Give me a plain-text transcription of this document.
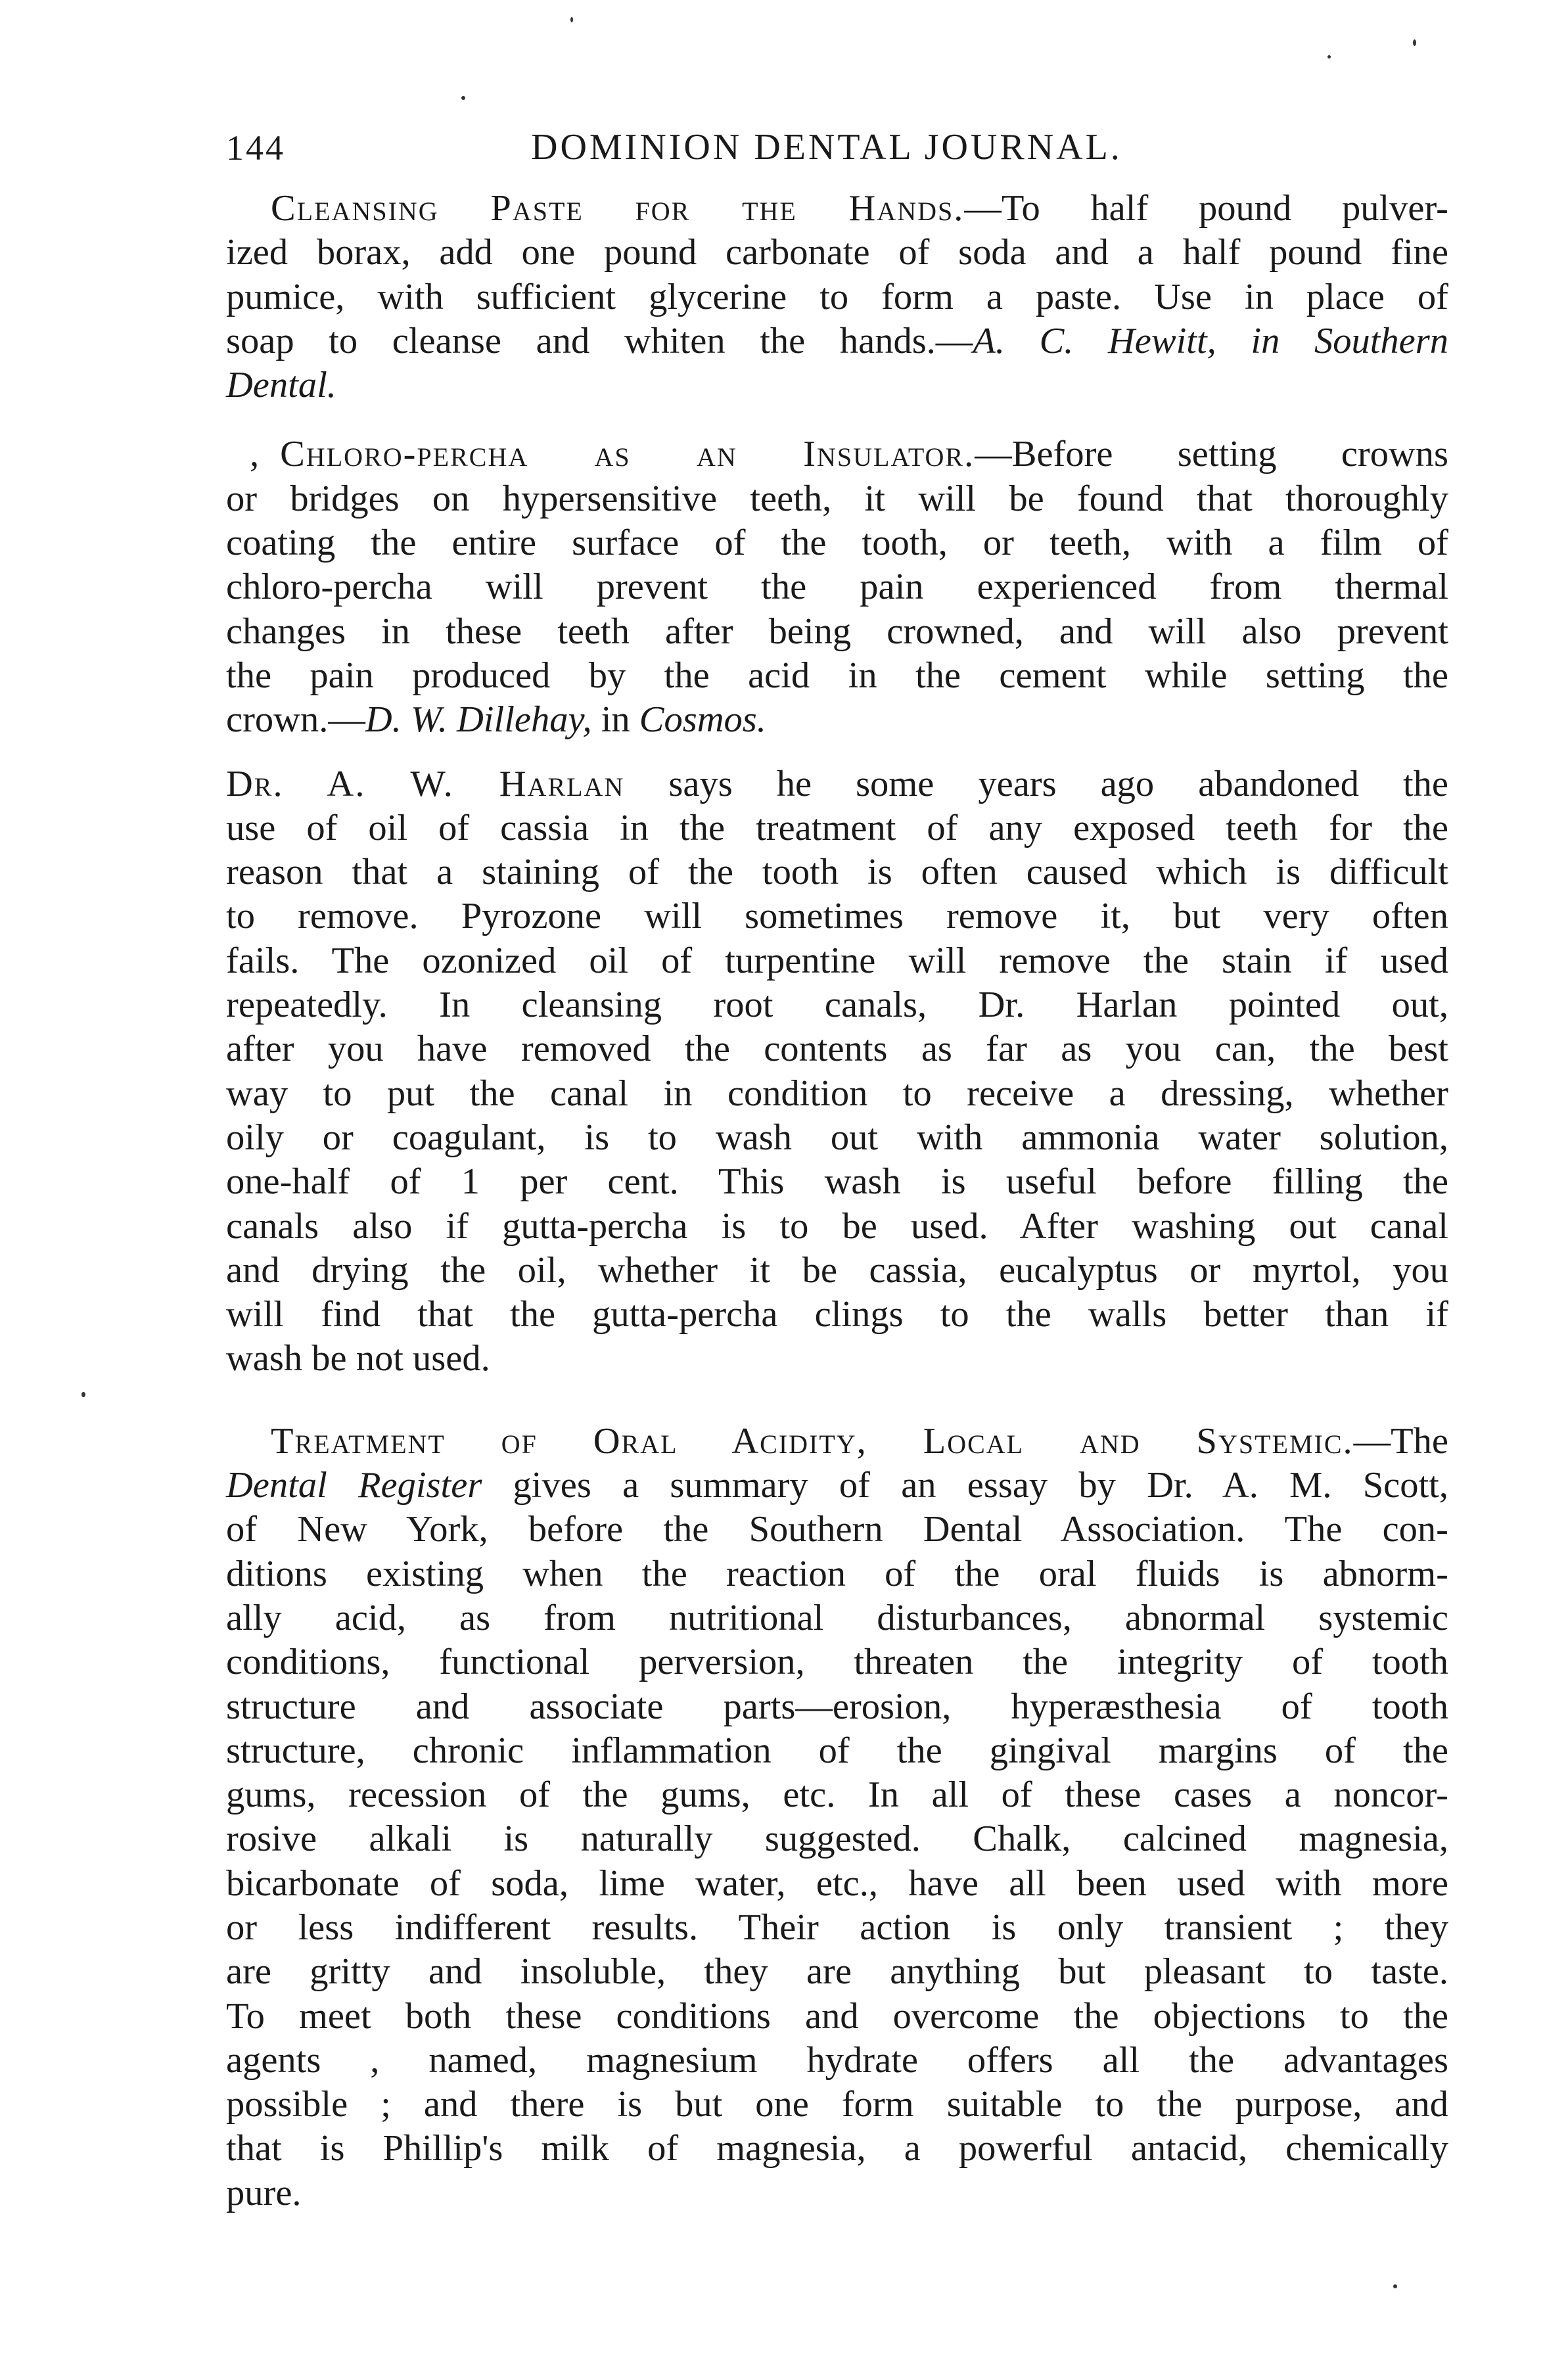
144	DOMINION DENTAL JOURNAL.
Cleansing Paste for the Hands.—To half pound pulver-
ized borax, add one pound carbonate of soda and a half pound fine
pumice, with sufficient glycerine to form a paste. Use in place of
soap to cleanse and whiten the hands.—A. C. Hewitt, in Southern
Dental.
, Chloro-percha as an Insulator.—Before setting crowns
or bridges on hypersensitive teeth, it will be found that thoroughly
coating the entire surface of the tooth, or teeth, with a film of
chloro-percha will prevent the pain experienced from thermal
changes in these teeth after being crowned, and will also prevent
the pain produced by the acid in the cement while setting the
crown.—D. W. Dillehay, in Cosmos.
Dr. A. W. Harlan says he some years ago abandoned the
use of oil of cassia in the treatment of any exposed teeth for the
reason that a staining of the tooth is often caused which is difficult
to remove. Pyrozone will sometimes remove it, but very often
fails. The ozonized oil of turpentine will remove the stain if used
repeatedly. In cleansing root canals, Dr. Harlan pointed out,
after you have removed the contents as far as you can, the best
way to put the canal in condition to receive a dressing, whether
oily or coagulant, is to wash out with ammonia water solution,
one-half of 1 per cent. This wash is useful before filling the
canals also if gutta-percha is to be used. After washing out canal
and drying the oil, whether it be cassia, eucalyptus or myrtol, you
will find that the gutta-percha clings to the walls better than if
wash be not used.
Treatment of Oral Acidity, Local and Systemic.—The
Dental Register gives a summary of an essay by Dr. A. M. Scott,
of New York, before the Southern Dental Association. The con-
ditions existing when the reaction of the oral fluids is abnorm-
ally acid, as from nutritional disturbances, abnormal systemic
conditions, functional perversion, threaten the integrity of tooth
structure and associate parts—erosion, hyperæsthesia of tooth
structure, chronic inflammation of the gingival margins of the
gums, recession of the gums, etc. In all of these cases a noncor-
rosive alkali is naturally suggested. Chalk, calcined magnesia,
bicarbonate of soda, lime water, etc., have all been used with more
or less indifferent results. Their action is only transient ; they
are gritty and insoluble, they are anything but pleasant to taste.
To meet both these conditions and overcome the objections to the
agents , named, magnesium hydrate offers all the advantages
possible ; and there is but one form suitable to the purpose, and
that is Phillip's milk of magnesia, a powerful antacid, chemically
pure.
